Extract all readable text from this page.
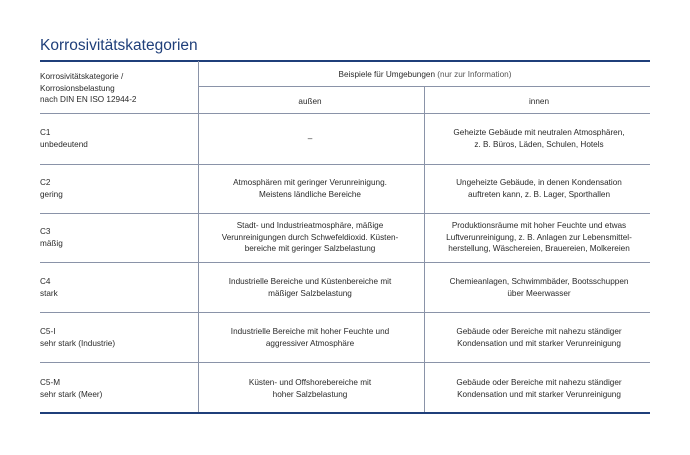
Korrosivitätskategorien
Korrosivitätskategorie /
Korrosionsbelastung
nach DIN EN ISO 12944-2
Beispiele für Umgebungen (nur zur Information)
außen	innen
C1
unbedeutend
–
Geheizte Gebäude mit neutralen Atmosphären,
z. B. Büros, Läden, Schulen, Hotels
C2
gering
Atmosphären mit geringer Verunreinigung.
Meistens ländliche Bereiche
Ungeheizte Gebäude, in denen Kondensation
auftreten kann, z. B. Lager, Sporthallen
C3
mäßig
Stadt- und Industrieatmosphäre, mäßige
Verunreinigungen durch Schwefeldioxid. Küsten-
bereiche mit geringer Salzbelastung
Produktionsräume mit hoher Feuchte und etwas
Luftverunreinigung, z. B. Anlagen zur Lebensmittel-
herstellung, Wäschereien, Brauereien, Molkereien
C4
stark
Industrielle Bereiche und Küstenbereiche mit
mäßiger Salzbelastung
Chemieanlagen, Schwimmbäder, Bootsschuppen
über Meerwasser
C5-I
sehr stark (Industrie)
Industrielle Bereiche mit hoher Feuchte und
aggressiver Atmosphäre
Gebäude oder Bereiche mit nahezu ständiger
Kondensation und mit starker Verunreinigung
C5-M
sehr stark (Meer)
Küsten- und Offshorebereiche mit
hoher Salzbelastung
Gebäude oder Bereiche mit nahezu ständiger
Kondensation und mit starker Verunreinigung
